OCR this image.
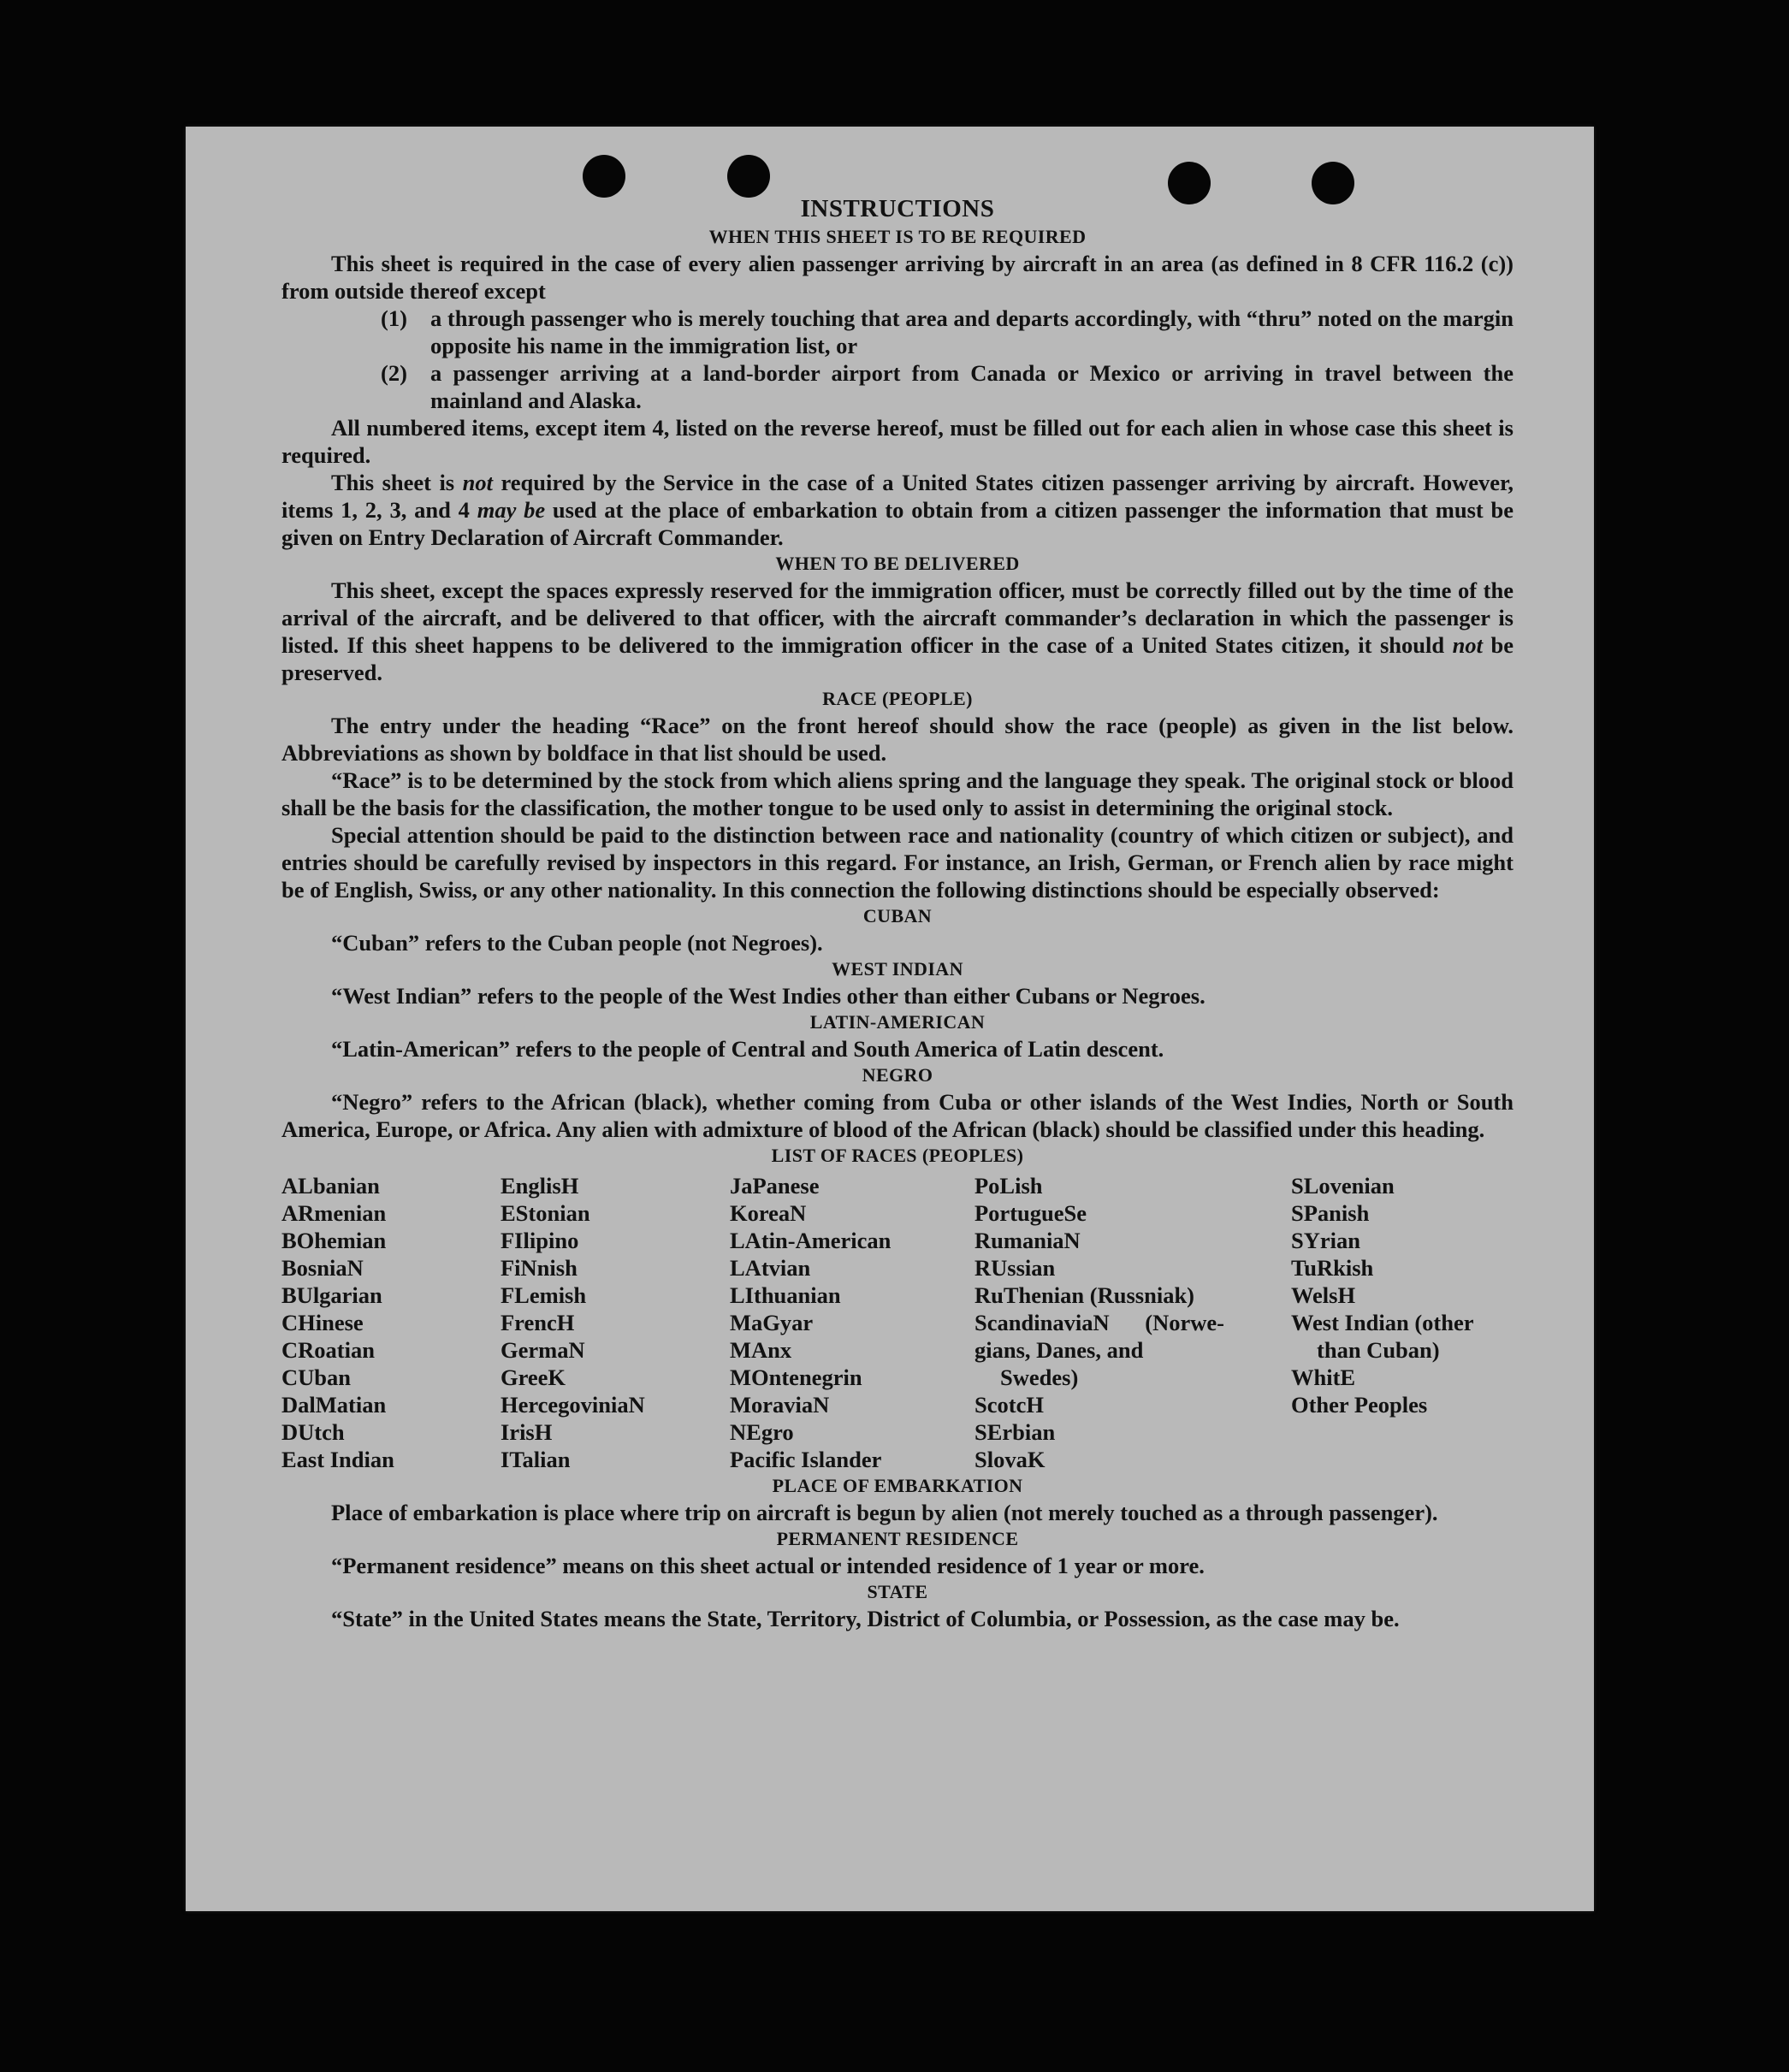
INSTRUCTIONS
WHEN THIS SHEET IS TO BE REQUIRED

This sheet is required in the case of every alien passenger arriving by aircraft in an area (as defined in 8 CFR 116.2 (c)) from outside thereof except

(1)	a through passenger who is merely touching that area and departs accordingly, with “thru” noted on the margin opposite his name in the immigration list, or
(2)	a passenger arriving at a land-border airport from Canada or Mexico or arriving in travel between the mainland and Alaska.

All numbered items, except item 4, listed on the reverse hereof, must be filled out for each alien in whose case this sheet is required.

This sheet is not required by the Service in the case of a United States citizen passenger arriving by aircraft. However, items 1, 2, 3, and 4 may be used at the place of embarkation to obtain from a citizen passenger the information that must be given on Entry Declaration of Aircraft Commander.

WHEN TO BE DELIVERED

This sheet, except the spaces expressly reserved for the immigration officer, must be correctly filled out by the time of the arrival of the aircraft, and be delivered to that officer, with the aircraft commander’s declaration in which the passenger is listed. If this sheet happens to be delivered to the immigration officer in the case of a United States citizen, it should not be preserved.

RACE (PEOPLE)

The entry under the heading “Race” on the front hereof should show the race (people) as given in the list below. Abbreviations as shown by boldface in that list should be used.

“Race” is to be determined by the stock from which aliens spring and the language they speak. The original stock or blood shall be the basis for the classification, the mother tongue to be used only to assist in determining the original stock.

Special attention should be paid to the distinction between race and nationality (country of which citizen or subject), and entries should be carefully revised by inspectors in this regard. For instance, an Irish, German, or French alien by race might be of English, Swiss, or any other nationality. In this connection the following distinctions should be especially observed:

CUBAN

“Cuban” refers to the Cuban people (not Negroes).

WEST INDIAN

“West Indian” refers to the people of the West Indies other than either Cubans or Negroes.

LATIN-AMERICAN

“Latin-American” refers to the people of Central and South America of Latin descent.

NEGRO

“Negro” refers to the African (black), whether coming from Cuba or other islands of the West Indies, North or South America, Europe, or Africa. Any alien with admixture of blood of the African (black) should be classified under this heading.

LIST OF RACES (PEOPLES)
ALbanian
ARmenian
BOhemian
BosniaN
BUlgarian
CHinese
CRoatian
CUban
DalMatian
DUtch
East Indian
EnglisH
EStonian
FIlipino
FiNnish
FLemish
FrencH
GermaN
GreeK
HercegoviniaN
IrisH
ITalian
JaPanese
KoreaN
LAtin-American
LAtvian
LIthuanian
MaGyar
MAnx
MOntenegrin
MoraviaN
NEgro
Pacific Islander
PoLish
PortugueSe
RumaniaN
RUssian
RuThenian (Russniak)
ScandinaviaN (Norwe- gians, Danes, and
Swedes)
ScotcH
SErbian
SlovaK
SLovenian
SPanish
SYrian
TuRkish
WelsH
West Indian (other
than Cuban)
WhitE
Other Peoples
PLACE OF EMBARKATION

Place of embarkation is place where trip on aircraft is begun by alien (not merely touched as a through passenger).

PERMANENT RESIDENCE

“Permanent residence” means on this sheet actual or intended residence of 1 year or more.

STATE

“State” in the United States means the State, Territory, District of Columbia, or Possession, as the case may be.
